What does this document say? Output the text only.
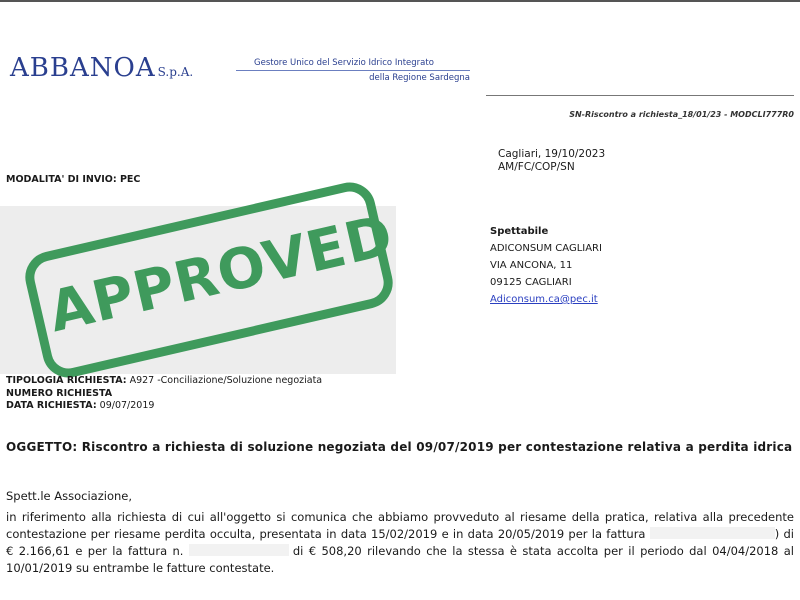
ABBANOA S.p.A.
Gestore Unico del Servizio Idrico Integrato
della Regione Sardegna
SN-Riscontro a richiesta_18/01/23 - MODCLI777R0
Cagliari, 19/10/2023
AM/FC/COP/SN
MODALITA' DI INVIO: PEC
APPROVED	Spettabile
ADICONSUM CAGLIARI
VIA ANCONA, 11
09125 CAGLIARI
Adiconsum.ca@pec.it
TIPOLOGIA RICHIESTA: A927 -Conciliazione/Soluzione negoziata
NUMERO RICHIESTA
DATA RICHIESTA: 09/07/2019
OGGETTO: Riscontro a richiesta di soluzione negoziata del 09/07/2019 per contestazione relativa a perdita idrica
Spett.le Associazione,
in riferimento alla richiesta di cui all'oggetto si comunica che abbiamo provveduto al riesame della pratica, relativa alla precedente contestazione per riesame perdita occulta, presentata in data 15/02/2019 e in data 20/05/2019 per la fattura	) di € 2.166,61 e per la fattura n.	di € 508,20 rilevando che la stessa è stata accolta per il periodo dal 04/04/2018 al 10/01/2019 su entrambe le fatture contestate.
